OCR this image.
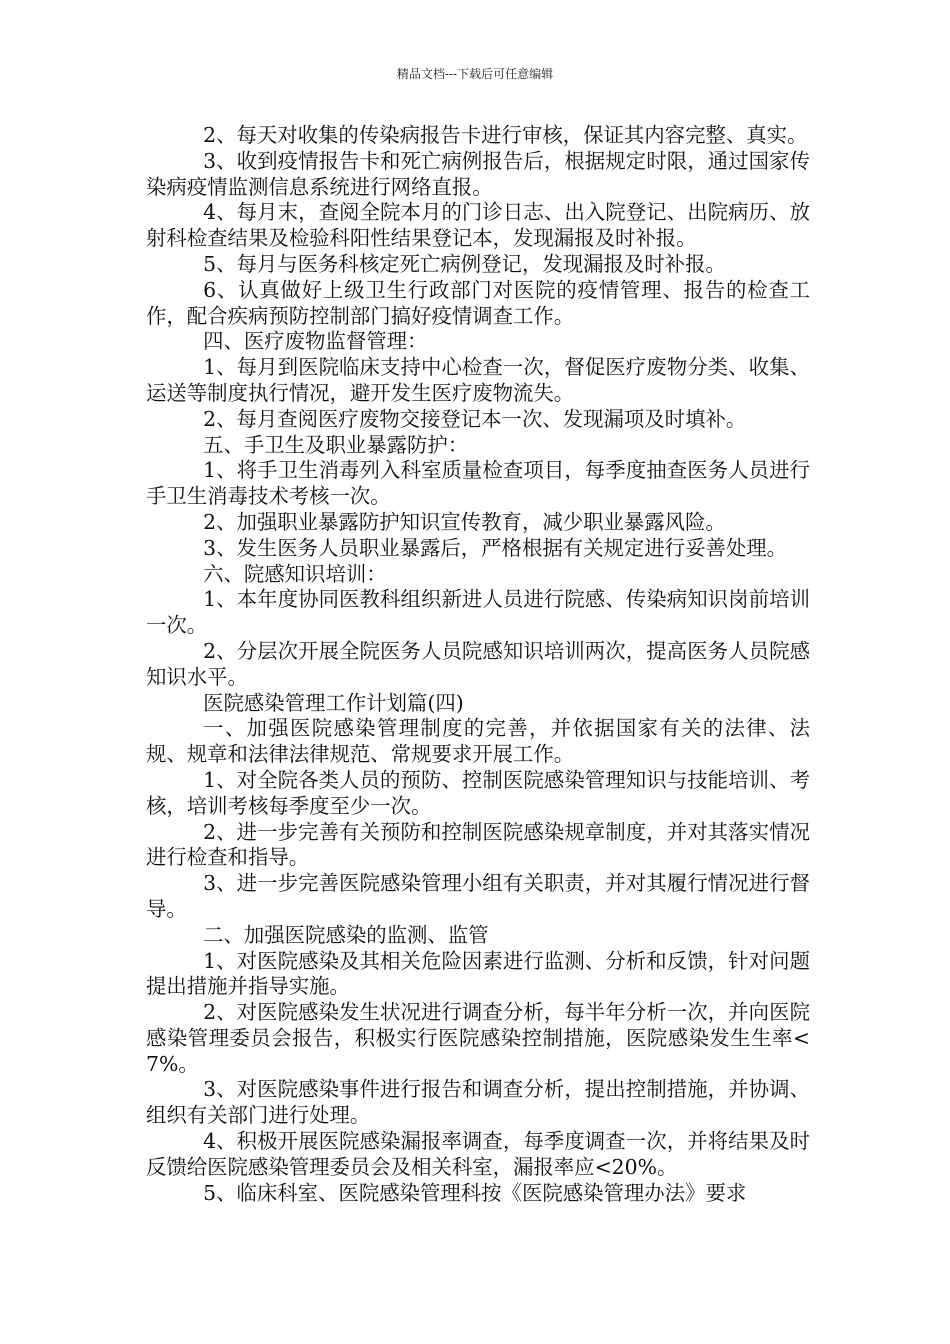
精品文档---下载后可任意编辑

2、每天对收集的传染病报告卡进行审核，保证其内容完整、真实。

3、收到疫情报告卡和死亡病例报告后，根据规定时限，通过国家传染病疫情监测信息系统进行网络直报。

4、每月末，查阅全院本月的门诊日志、出入院登记、出院病历、放射科检查结果及检验科阳性结果登记本，发现漏报及时补报。

5、每月与医务科核定死亡病例登记，发现漏报及时补报。

6、认真做好上级卫生行政部门对医院的疫情管理、报告的检查工作，配合疾病预防控制部门搞好疫情调查工作。

四、医疗废物监督管理：

1、每月到医院临床支持中心检查一次，督促医疗废物分类、收集、运送等制度执行情况，避开发生医疗废物流失。

2、每月查阅医疗废物交接登记本一次、发现漏项及时填补。

五、手卫生及职业暴露防护：

1、将手卫生消毒列入科室质量检查项目，每季度抽查医务人员进行手卫生消毒技术考核一次。

2、加强职业暴露防护知识宣传教育，减少职业暴露风险。

3、发生医务人员职业暴露后，严格根据有关规定进行妥善处理。

六、院感知识培训：

1、本年度协同医教科组织新进人员进行院感、传染病知识岗前培训一次。

2、分层次开展全院医务人员院感知识培训两次，提高医务人员院感知识水平。

医院感染管理工作计划篇(四)

一、加强医院感染管理制度的完善，并依据国家有关的法律、法规、规章和法律法律规范、常规要求开展工作。

1、对全院各类人员的预防、控制医院感染管理知识与技能培训、考核，培训考核每季度至少一次。

2、进一步完善有关预防和控制医院感染规章制度，并对其落实情况进行检查和指导。

3、进一步完善医院感染管理小组有关职责，并对其履行情况进行督导。

二、加强医院感染的监测、监管

1、对医院感染及其相关危险因素进行监测、分析和反馈，针对问题提出措施并指导实施。

2、对医院感染发生状况进行调查分析，每半年分析一次，并向医院感染管理委员会报告，积极实行医院感染控制措施，医院感染发生生率<7%。

3、对医院感染事件进行报告和调查分析，提出控制措施，并协调、组织有关部门进行处理。

4、积极开展医院感染漏报率调查，每季度调查一次，并将结果及时反馈给医院感染管理委员会及相关科室，漏报率应<20%。

5、临床科室、医院感染管理科按《医院感染管理办法》要求
